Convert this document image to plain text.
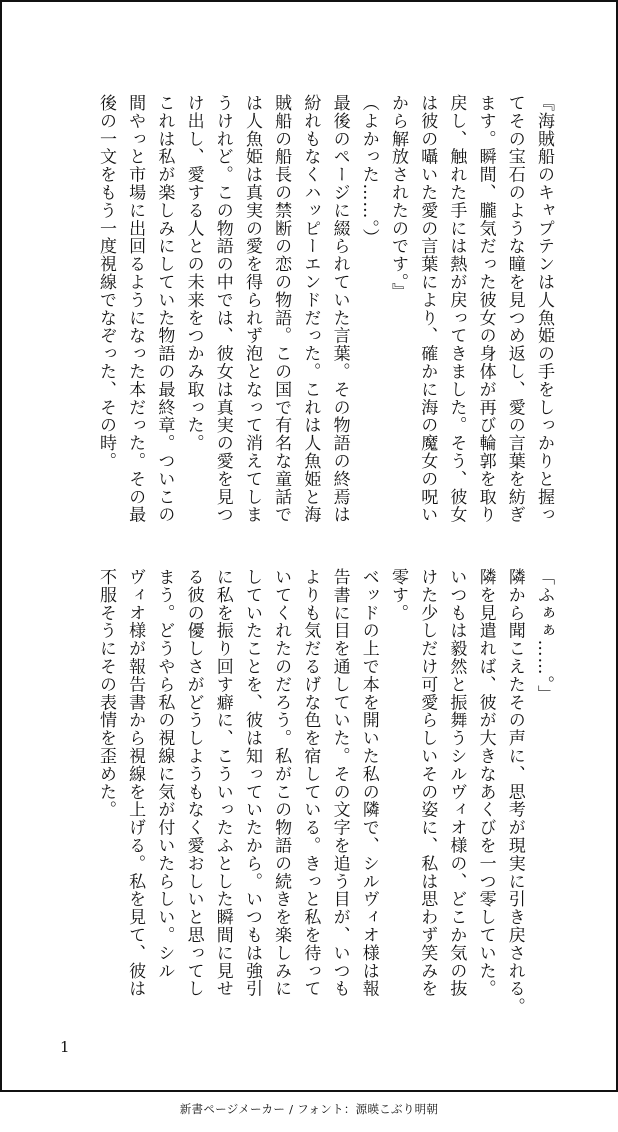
『海賊船のキャプテンは人魚姫の手をしっかりと握っ
てその宝石のような瞳を見つめ返し、愛の言葉を紡ぎ
ます。瞬間、朧気だった彼女の身体が再び輪郭を取り
戻し、触れた手には熱が戻ってきました。そう、彼女
は彼の囁いた愛の言葉により、確かに海の魔女の呪い
から解放されたのです。』
（よかった……。）
最後のページに綴られていた言葉。その物語の終焉は
紛れもなくハッピーエンドだった。これは人魚姫と海
賊船の船長の禁断の恋の物語。この国で有名な童話で
は人魚姫は真実の愛を得られず泡となって消えてしま
うけれど。この物語の中では、彼女は真実の愛を見つ
け出し、愛する人との未来をつかみ取った。
これは私が楽しみにしていた物語の最終章。ついこの
間やっと市場に出回るようになった本だった。その最
後の一文をもう一度視線でなぞった、その時。
「ふぁぁ……。」
隣から聞こえたその声に、思考が現実に引き戻される。
隣を見遣れば、彼が大きなあくびを一つ零していた。
いつもは毅然と振舞うシルヴィオ様の、どこか気の抜
けた少しだけ可愛らしいその姿に、私は思わず笑みを
零す。
ベッドの上で本を開いた私の隣で、シルヴィオ様は報
告書に目を通していた。その文字を追う目が、いつも
よりも気だるげな色を宿している。きっと私を待って
いてくれたのだろう。私がこの物語の続きを楽しみに
していたことを、彼は知っていたから。いつもは強引
に私を振り回す癖に、こういったふとした瞬間に見せ
る彼の優しさがどうしようもなく愛おしいと思ってし
まう。どうやら私の視線に気が付いたらしい。シル
ヴィオ様が報告書から視線を上げる。私を見て、彼は
不服そうにその表情を歪めた。
1
新書ページメーカー / フォント：源暎こぶり明朝
